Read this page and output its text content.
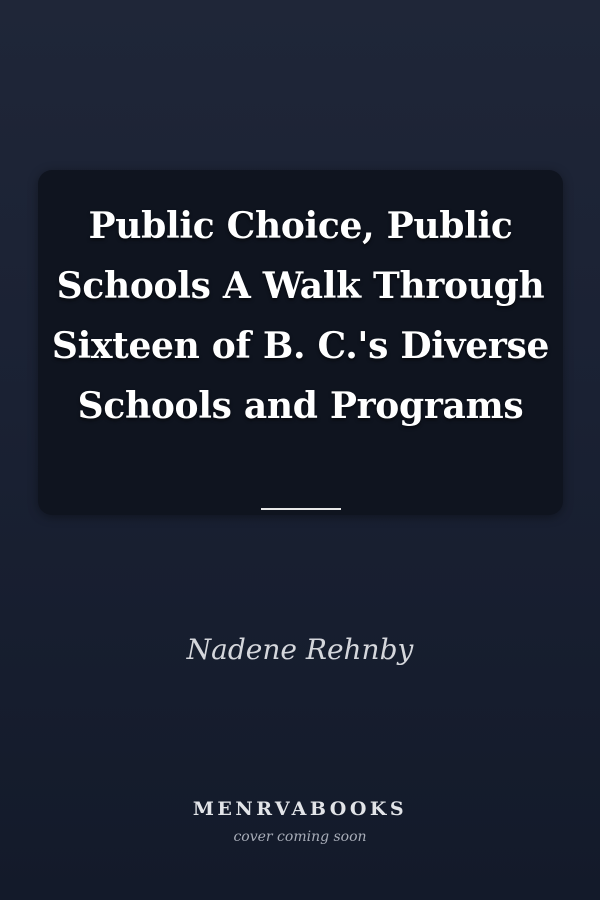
Public Choice, Public Schools A Walk Through Sixteen of B. C.'s Diverse Schools and Programs
Nadene Rehnby
MENRVABOOKS
cover coming soon
